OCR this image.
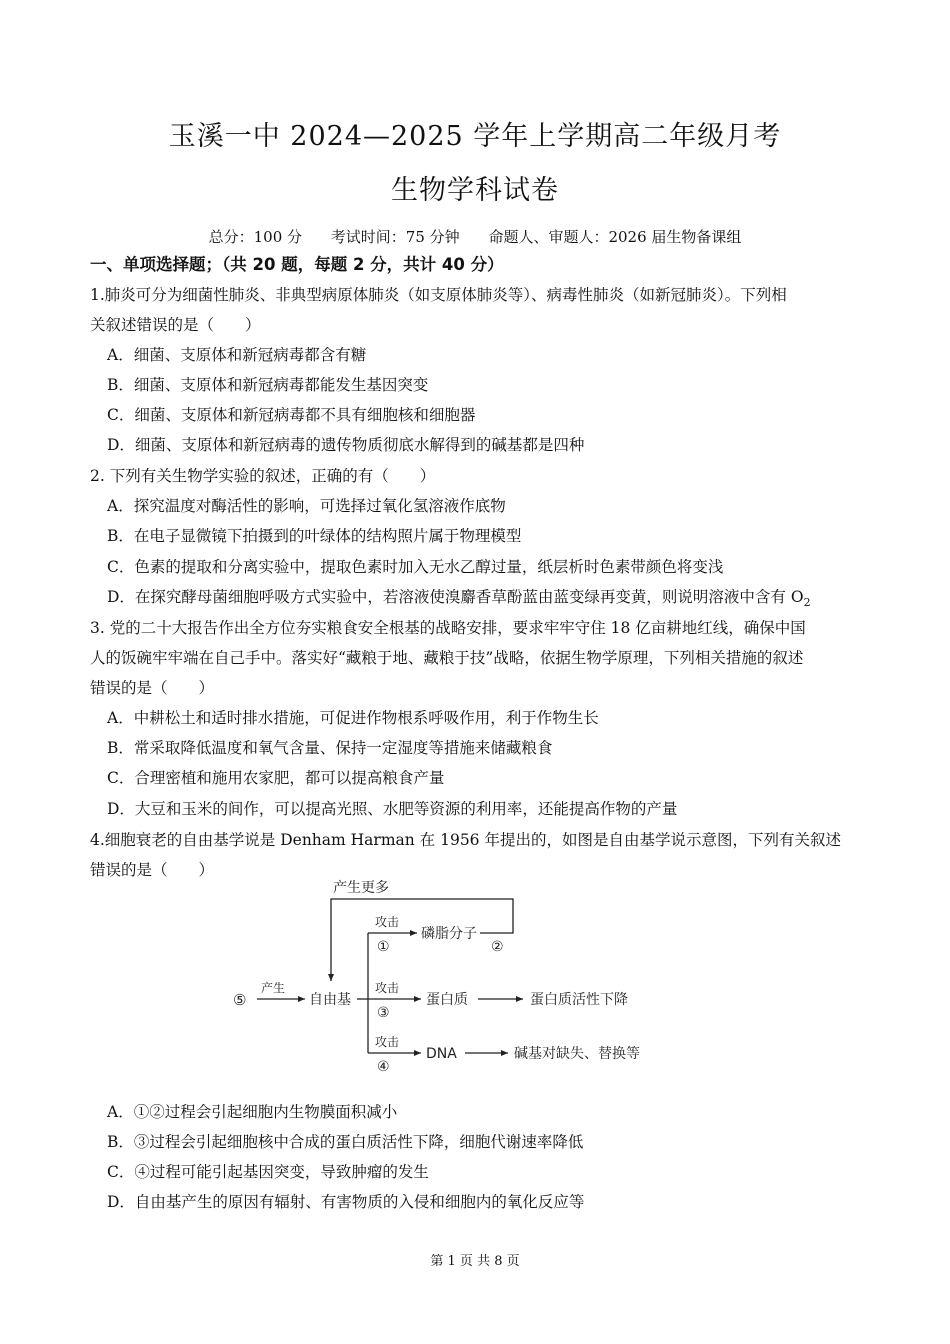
玉溪一中 2024—2025 学年上学期高二年级月考
生物学科试卷
总分：100 分 考试时间：75 分钟 命题人、审题人：2026 届生物备课组
一、单项选择题；（共 20 题，每题 2 分，共计 40 分）
1.肺炎可分为细菌性肺炎、非典型病原体肺炎（如支原体肺炎等）、病毒性肺炎（如新冠肺炎）。下列相
关叙述错误的是（　　）
A．细菌、支原体和新冠病毒都含有糖
B．细菌、支原体和新冠病毒都能发生基因突变
C．细菌、支原体和新冠病毒都不具有细胞核和细胞器
D．细菌、支原体和新冠病毒的遗传物质彻底水解得到的碱基都是四种
2. 下列有关生物学实验的叙述，正确的有（　　）
A．探究温度对酶活性的影响，可选择过氧化氢溶液作底物
B．在电子显微镜下拍摄到的叶绿体的结构照片属于物理模型
C．色素的提取和分离实验中，提取色素时加入无水乙醇过量，纸层析时色素带颜色将变浅
D．在探究酵母菌细胞呼吸方式实验中，若溶液使溴麝香草酚蓝由蓝变绿再变黄，则说明溶液中含有 $O_2$
3. 党的二十大报告作出全方位夯实粮食安全根基的战略安排，要求牢牢守住 18 亿亩耕地红线，确保中国
人的饭碗牢牢端在自己手中。落实好“藏粮于地、藏粮于技”战略，依据生物学原理，下列相关措施的叙述
错误的是（　　）
A．中耕松土和适时排水措施，可促进作物根系呼吸作用，利于作物生长
B．常采取降低温度和氧气含量、保持一定湿度等措施来储藏粮食
C．合理密植和施用农家肥，都可以提高粮食产量
D．大豆和玉米的间作，可以提高光照、水肥等资源的利用率，还能提高作物的产量
4.细胞衰老的自由基学说是 Denham Harman 在 1956 年提出的，如图是自由基学说示意图，下列有关叙述
错误的是（　　）
产生更多
产生
⑤	自由基
攻击
①
磷脂分子
②
攻击
③
蛋白质	蛋白质活性下降
攻击
④
DNA	碱基对缺失、替换等
A．①②过程会引起细胞内生物膜面积减小
B．③过程会引起细胞核中合成的蛋白质活性下降，细胞代谢速率降低
C．④过程可能引起基因突变，导致肿瘤的发生
D．自由基产生的原因有辐射、有害物质的入侵和细胞内的氧化反应等
第 1 页 共 8 页
